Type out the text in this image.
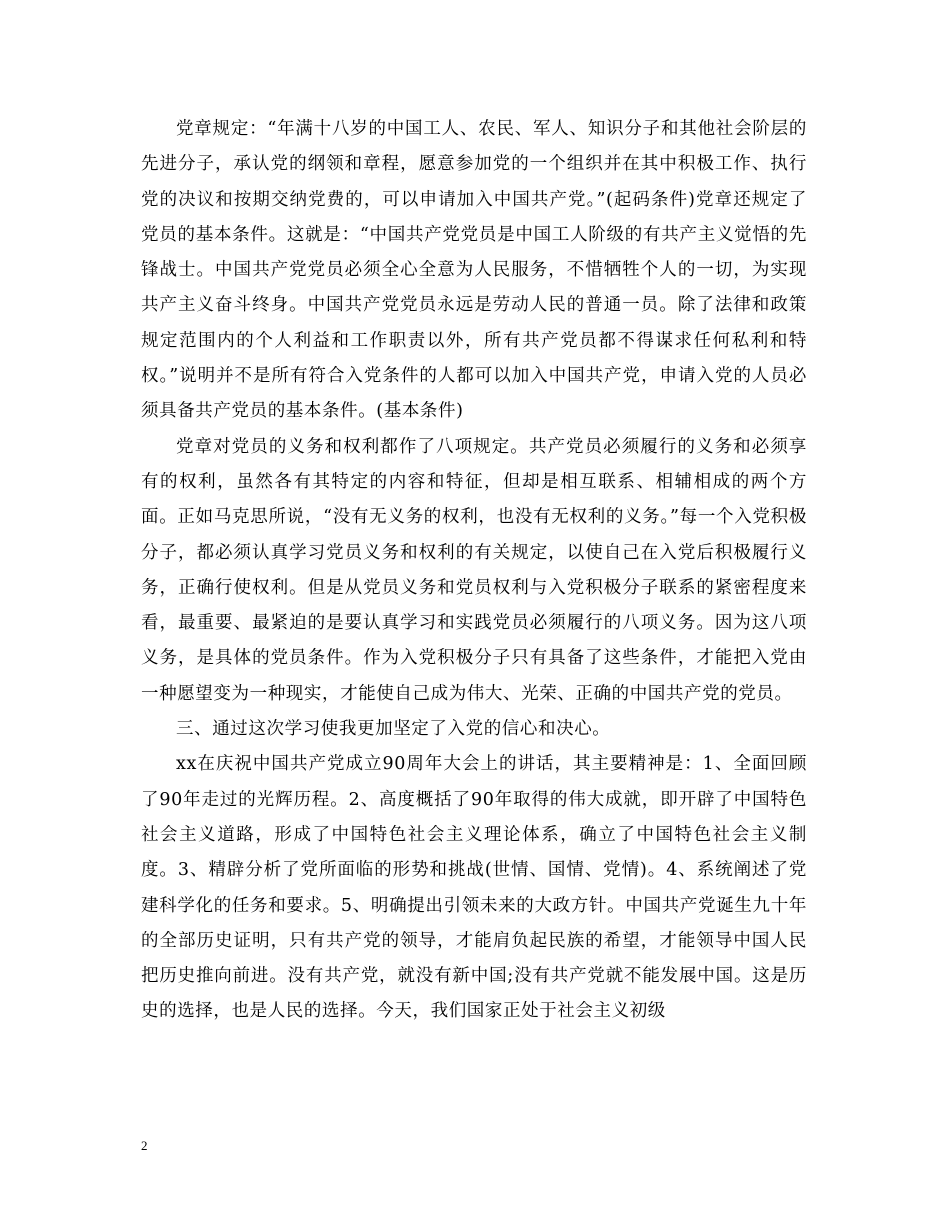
党章规定：“年满十八岁的中国工人、农民、军人、知识分子和其他社会阶层的先进分子，承认党的纲领和章程，愿意参加党的一个组织并在其中积极工作、执行党的决议和按期交纳党费的，可以申请加入中国共产党。”(起码条件)党章还规定了党员的基本条件。这就是：“中国共产党党员是中国工人阶级的有共产主义觉悟的先锋战士。中国共产党党员必须全心全意为人民服务，不惜牺牲个人的一切，为实现共产主义奋斗终身。中国共产党党员永远是劳动人民的普通一员。除了法律和政策规定范围内的个人利益和工作职责以外，所有共产党员都不得谋求任何私利和特权。”说明并不是所有符合入党条件的人都可以加入中国共产党，申请入党的人员必须具备共产党员的基本条件。(基本条件)

党章对党员的义务和权利都作了八项规定。共产党员必须履行的义务和必须享有的权利，虽然各有其特定的内容和特征，但却是相互联系、相辅相成的两个方面。正如马克思所说，“没有无义务的权利，也没有无权利的义务。”每一个入党积极分子，都必须认真学习党员义务和权利的有关规定，以使自己在入党后积极履行义务，正确行使权利。但是从党员义务和党员权利与入党积极分子联系的紧密程度来看，最重要、最紧迫的是要认真学习和实践党员必须履行的八项义务。因为这八项义务，是具体的党员条件。作为入党积极分子只有具备了这些条件，才能把入党由一种愿望变为一种现实，才能使自己成为伟大、光荣、正确的中国共产党的党员。

三、通过这次学习使我更加坚定了入党的信心和决心。

xx在庆祝中国共产党成立90周年大会上的讲话，其主要精神是：1、全面回顾了90年走过的光辉历程。2、高度概括了90年取得的伟大成就，即开辟了中国特色社会主义道路，形成了中国特色社会主义理论体系，确立了中国特色社会主义制度。3、精辟分析了党所面临的形势和挑战(世情、国情、党情)。4、系统阐述了党建科学化的任务和要求。5、明确提出引领未来的大政方针。中国共产党诞生九十年的全部历史证明，只有共产党的领导，才能肩负起民族的希望，才能领导中国人民把历史推向前进。没有共产党，就没有新中国;没有共产党就不能发展中国。这是历史的选择，也是人民的选择。今天，我们国家正处于社会主义初级

2
